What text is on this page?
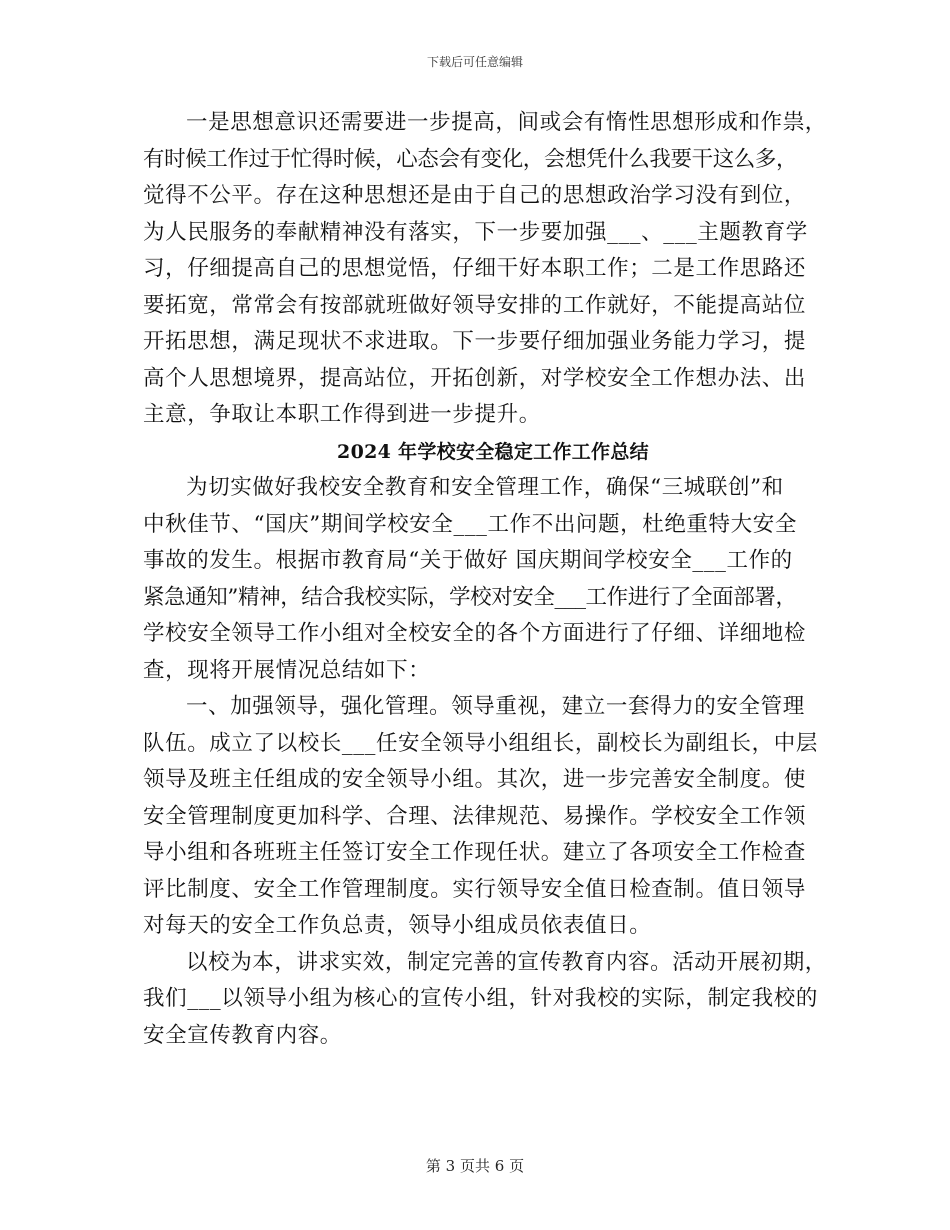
下载后可任意编辑
一是思想意识还需要进一步提高，间或会有惰性思想形成和作祟，
有时候工作过于忙得时候，心态会有变化，会想凭什么我要干这么多，
觉得不公平。存在这种思想还是由于自己的思想政治学习没有到位，
为人民服务的奉献精神没有落实，下一步要加强___、___主题教育学
习，仔细提高自己的思想觉悟，仔细干好本职工作；二是工作思路还
要拓宽，常常会有按部就班做好领导安排的工作就好，不能提高站位
开拓思想，满足现状不求进取。下一步要仔细加强业务能力学习，提
高个人思想境界，提高站位，开拓创新，对学校安全工作想办法、出
主意，争取让本职工作得到进一步提升。
2024 年学校安全稳定工作工作总结
为切实做好我校安全教育和安全管理工作，确保“三城联创”和
中秋佳节、“国庆”期间学校安全___工作不出问题，杜绝重特大安全
事故的发生。根据市教育局“关于做好 国庆期间学校安全___工作的
紧急通知”精神，结合我校实际，学校对安全___工作进行了全面部署，
学校安全领导工作小组对全校安全的各个方面进行了仔细、详细地检
查，现将开展情况总结如下：
一、加强领导，强化管理。领导重视，建立一套得力的安全管理
队伍。成立了以校长___任安全领导小组组长，副校长为副组长，中层
领导及班主任组成的安全领导小组。其次，进一步完善安全制度。使
安全管理制度更加科学、合理、法律规范、易操作。学校安全工作领
导小组和各班班主任签订安全工作现任状。建立了各项安全工作检查
评比制度、安全工作管理制度。实行领导安全值日检查制。值日领导
对每天的安全工作负总责，领导小组成员依表值日。
以校为本，讲求实效，制定完善的宣传教育内容。活动开展初期，
我们___以领导小组为核心的宣传小组，针对我校的实际，制定我校的
安全宣传教育内容。
第 3 页共 6 页
